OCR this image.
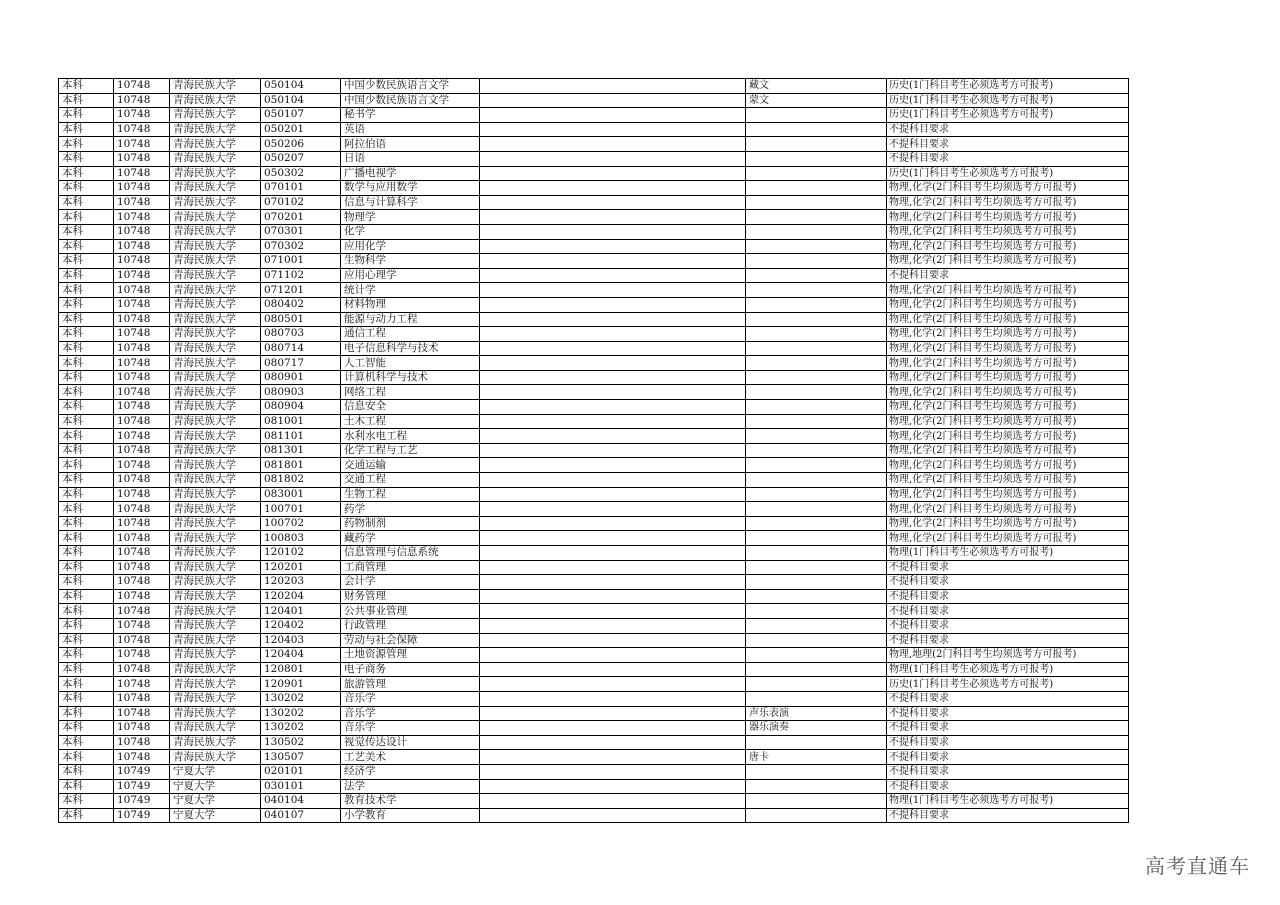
本科	10748	青海民族大学	050104	中国少数民族语言文学		藏文	历史(1门科目考生必须选考方可报考)
本科	10748	青海民族大学	050104	中国少数民族语言文学		蒙文	历史(1门科目考生必须选考方可报考)
本科	10748	青海民族大学	050107	秘书学			历史(1门科目考生必须选考方可报考)
本科	10748	青海民族大学	050201	英语			不提科目要求
本科	10748	青海民族大学	050206	阿拉伯语			不提科目要求
本科	10748	青海民族大学	050207	日语			不提科目要求
本科	10748	青海民族大学	050302	广播电视学			历史(1门科目考生必须选考方可报考)
本科	10748	青海民族大学	070101	数学与应用数学			物理,化学(2门科目考生均须选考方可报考)
本科	10748	青海民族大学	070102	信息与计算科学			物理,化学(2门科目考生均须选考方可报考)
本科	10748	青海民族大学	070201	物理学			物理,化学(2门科目考生均须选考方可报考)
本科	10748	青海民族大学	070301	化学			物理,化学(2门科目考生均须选考方可报考)
本科	10748	青海民族大学	070302	应用化学			物理,化学(2门科目考生均须选考方可报考)
本科	10748	青海民族大学	071001	生物科学			物理,化学(2门科目考生均须选考方可报考)
本科	10748	青海民族大学	071102	应用心理学			不提科目要求
本科	10748	青海民族大学	071201	统计学			物理,化学(2门科目考生均须选考方可报考)
本科	10748	青海民族大学	080402	材料物理			物理,化学(2门科目考生均须选考方可报考)
本科	10748	青海民族大学	080501	能源与动力工程			物理,化学(2门科目考生均须选考方可报考)
本科	10748	青海民族大学	080703	通信工程			物理,化学(2门科目考生均须选考方可报考)
本科	10748	青海民族大学	080714	电子信息科学与技术			物理,化学(2门科目考生均须选考方可报考)
本科	10748	青海民族大学	080717	人工智能			物理,化学(2门科目考生均须选考方可报考)
本科	10748	青海民族大学	080901	计算机科学与技术			物理,化学(2门科目考生均须选考方可报考)
本科	10748	青海民族大学	080903	网络工程			物理,化学(2门科目考生均须选考方可报考)
本科	10748	青海民族大学	080904	信息安全			物理,化学(2门科目考生均须选考方可报考)
本科	10748	青海民族大学	081001	土木工程			物理,化学(2门科目考生均须选考方可报考)
本科	10748	青海民族大学	081101	水利水电工程			物理,化学(2门科目考生均须选考方可报考)
本科	10748	青海民族大学	081301	化学工程与工艺			物理,化学(2门科目考生均须选考方可报考)
本科	10748	青海民族大学	081801	交通运输			物理,化学(2门科目考生均须选考方可报考)
本科	10748	青海民族大学	081802	交通工程			物理,化学(2门科目考生均须选考方可报考)
本科	10748	青海民族大学	083001	生物工程			物理,化学(2门科目考生均须选考方可报考)
本科	10748	青海民族大学	100701	药学			物理,化学(2门科目考生均须选考方可报考)
本科	10748	青海民族大学	100702	药物制剂			物理,化学(2门科目考生均须选考方可报考)
本科	10748	青海民族大学	100803	藏药学			物理,化学(2门科目考生均须选考方可报考)
本科	10748	青海民族大学	120102	信息管理与信息系统			物理(1门科目考生必须选考方可报考)
本科	10748	青海民族大学	120201	工商管理			不提科目要求
本科	10748	青海民族大学	120203	会计学			不提科目要求
本科	10748	青海民族大学	120204	财务管理			不提科目要求
本科	10748	青海民族大学	120401	公共事业管理			不提科目要求
本科	10748	青海民族大学	120402	行政管理			不提科目要求
本科	10748	青海民族大学	120403	劳动与社会保障			不提科目要求
本科	10748	青海民族大学	120404	土地资源管理			物理,地理(2门科目考生均须选考方可报考)
本科	10748	青海民族大学	120801	电子商务			物理(1门科目考生必须选考方可报考)
本科	10748	青海民族大学	120901	旅游管理			历史(1门科目考生必须选考方可报考)
本科	10748	青海民族大学	130202	音乐学			不提科目要求
本科	10748	青海民族大学	130202	音乐学		声乐表演	不提科目要求
本科	10748	青海民族大学	130202	音乐学		器乐演奏	不提科目要求
本科	10748	青海民族大学	130502	视觉传达设计			不提科目要求
本科	10748	青海民族大学	130507	工艺美术		唐卡	不提科目要求
本科	10749	宁夏大学	020101	经济学			不提科目要求
本科	10749	宁夏大学	030101	法学			不提科目要求
本科	10749	宁夏大学	040104	教育技术学			物理(1门科目考生必须选考方可报考)
本科	10749	宁夏大学	040107	小学教育			不提科目要求
高考直通车
